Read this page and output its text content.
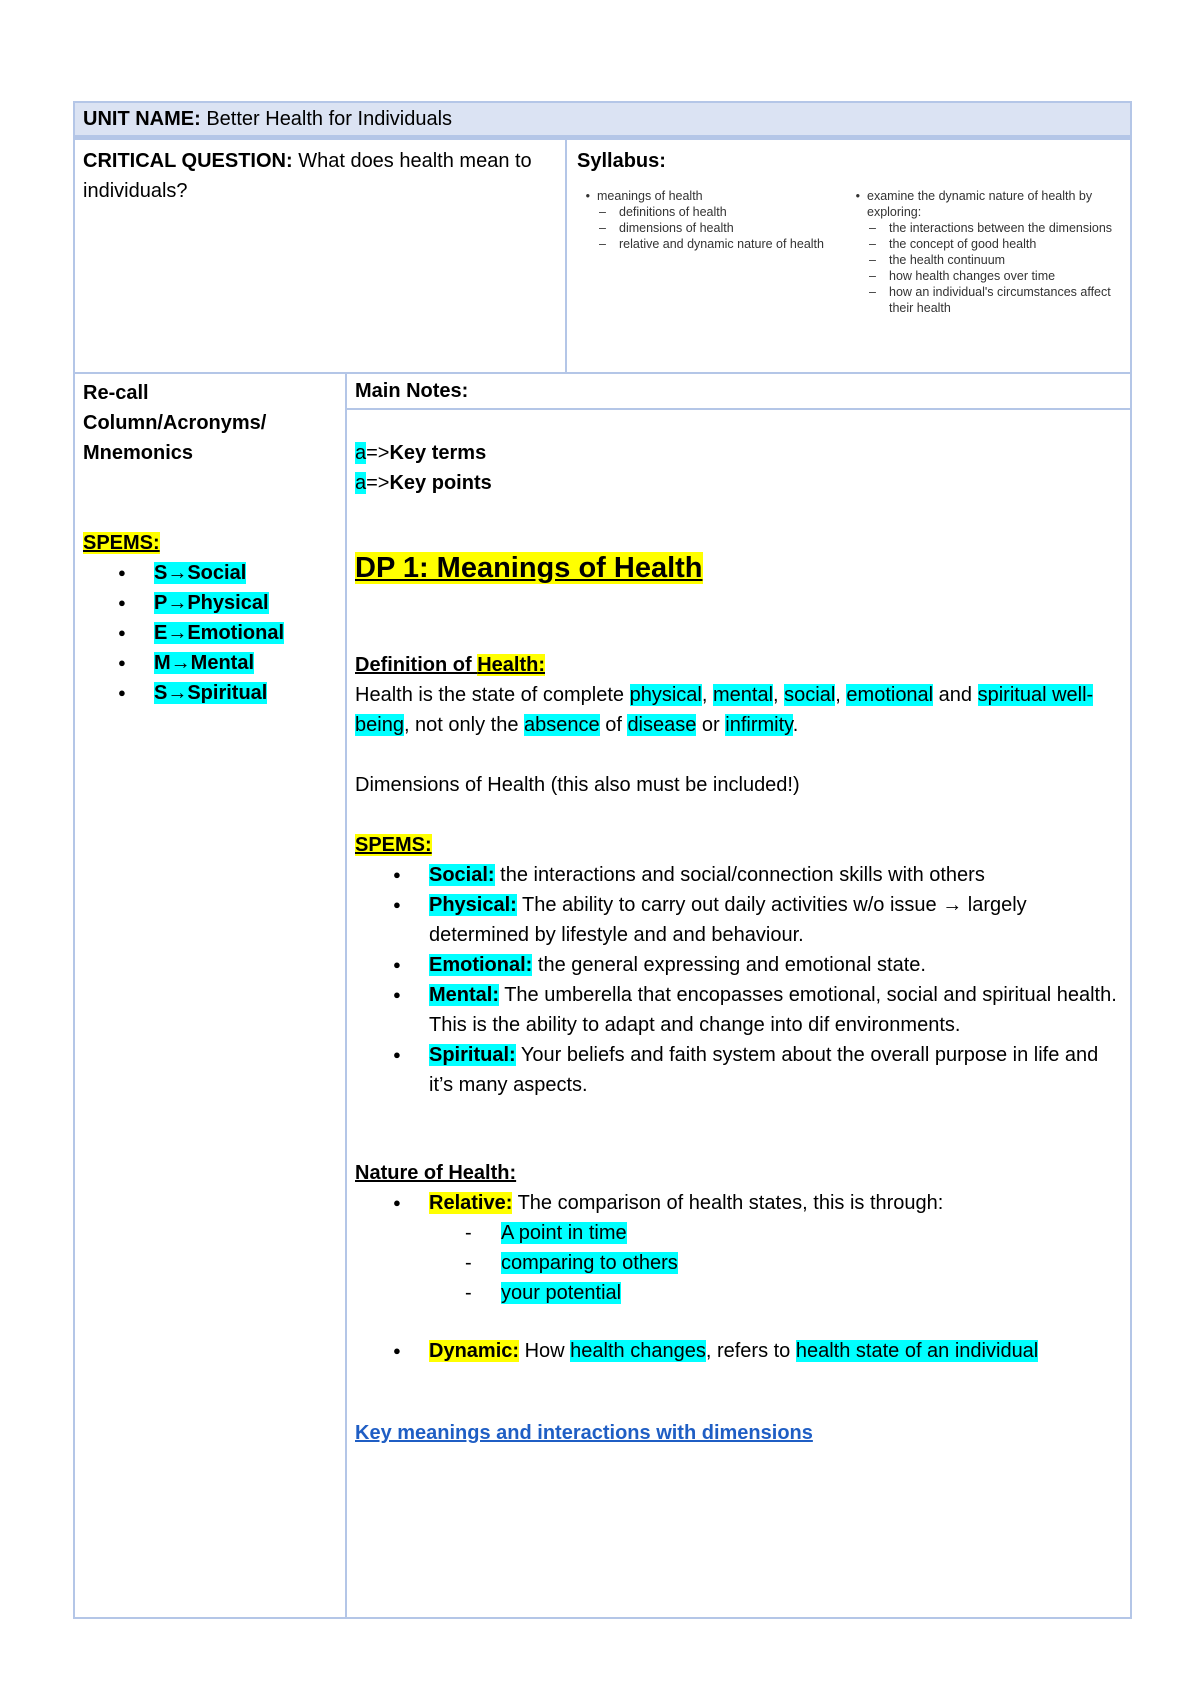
UNIT NAME: Better Health for Individuals
CRITICAL QUESTION: What does health mean to individuals?
Syllabus:
• meanings of health
– definitions of health
– dimensions of health
– relative and dynamic nature of health
• examine the dynamic nature of health by exploring:
– the interactions between the dimensions
– the concept of good health
– the health continuum
– how health changes over time
– how an individual's circumstances affect their health
Re-call
Column/Acronyms/
Mnemonics
SPEMS:
● S→Social
● P→Physical
● E→Emotional
● M→Mental
● S→Spiritual
Main Notes:
a=>Key terms
a=>Key points
DP 1: Meanings of Health
Definition of Health:
Health is the state of complete physical, mental, social, emotional and spiritual well-being, not only the absence of disease or infirmity.
Dimensions of Health (this also must be included!)
SPEMS:
● Social: the interactions and social/connection skills with others
● Physical: The ability to carry out daily activities w/o issue → largely determined by lifestyle and and behaviour.
● Emotional: the general expressing and emotional state.
● Mental: The umberella that encopasses emotional, social and spiritual health. This is the ability to adapt and change into dif environments.
● Spiritual: Your beliefs and faith system about the overall purpose in life and it’s many aspects.
Nature of Health:
● Relative: The comparison of health states, this is through:
- A point in time
- comparing to others
- your potential
● Dynamic: How health changes, refers to health state of an individual
Key meanings and interactions with dimensions
